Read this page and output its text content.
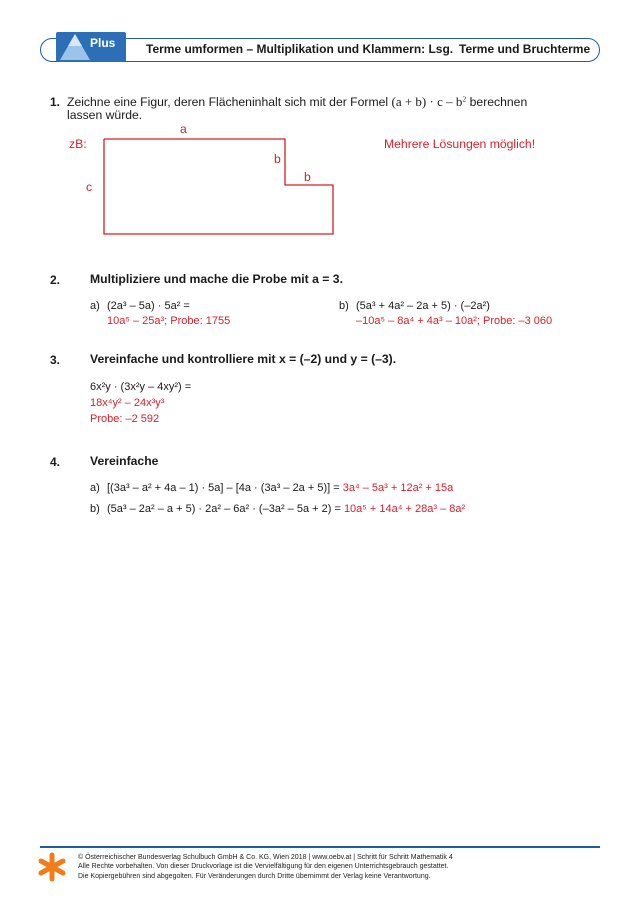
Plus	Terme umformen – Multiplikation und Klammern: Lsg. Terme und Bruchterme
1. Zeichne eine Figur, deren Flächeninhalt sich mit der Formel $(a + b) \cdot c - b^2$ berechnen
lassen würde.
zB:	Mehrere Lösungen möglich!
a
b
b
c
2. Multipliziere und mache die Probe mit a = 3.
a) (2a³ – 5a) · 5a² =
10a⁵ – 25a³; Probe: 1755
b) (5a³ + 4a² – 2a + 5) · (–2a²)
–10a⁵ – 8a⁴ + 4a³ – 10a²; Probe: –3 060
3. Vereinfache und kontrolliere mit x = (–2) und y = (–3).
6x²y · (3x²y – 4xy²) =
18x⁴y² – 24x³y³
Probe: –2 592
4. Vereinfache
a) [(3a³ – a² + 4a – 1) · 5a] – [4a · (3a³ – 2a + 5)] = 3a⁴ – 5a³ + 12a² + 15a
b) (5a³ – 2a² – a + 5) · 2a² – 6a² · (–3a² – 5a + 2) = 10a⁵ + 14a⁴ + 28a³ – 8a²
© Österreichischer Bundesverlag Schulbuch GmbH & Co. KG, Wien 2018 | www.oebv.at | Schritt für Schritt Mathematik 4
Alle Rechte vorbehalten. Von dieser Druckvorlage ist die Vervielfältigung für den eigenen Unterrichtsgebrauch gestattet.
Die Kopiergebühren sind abgegolten. Für Veränderungen durch Dritte übernimmt der Verlag keine Verantwortung.
